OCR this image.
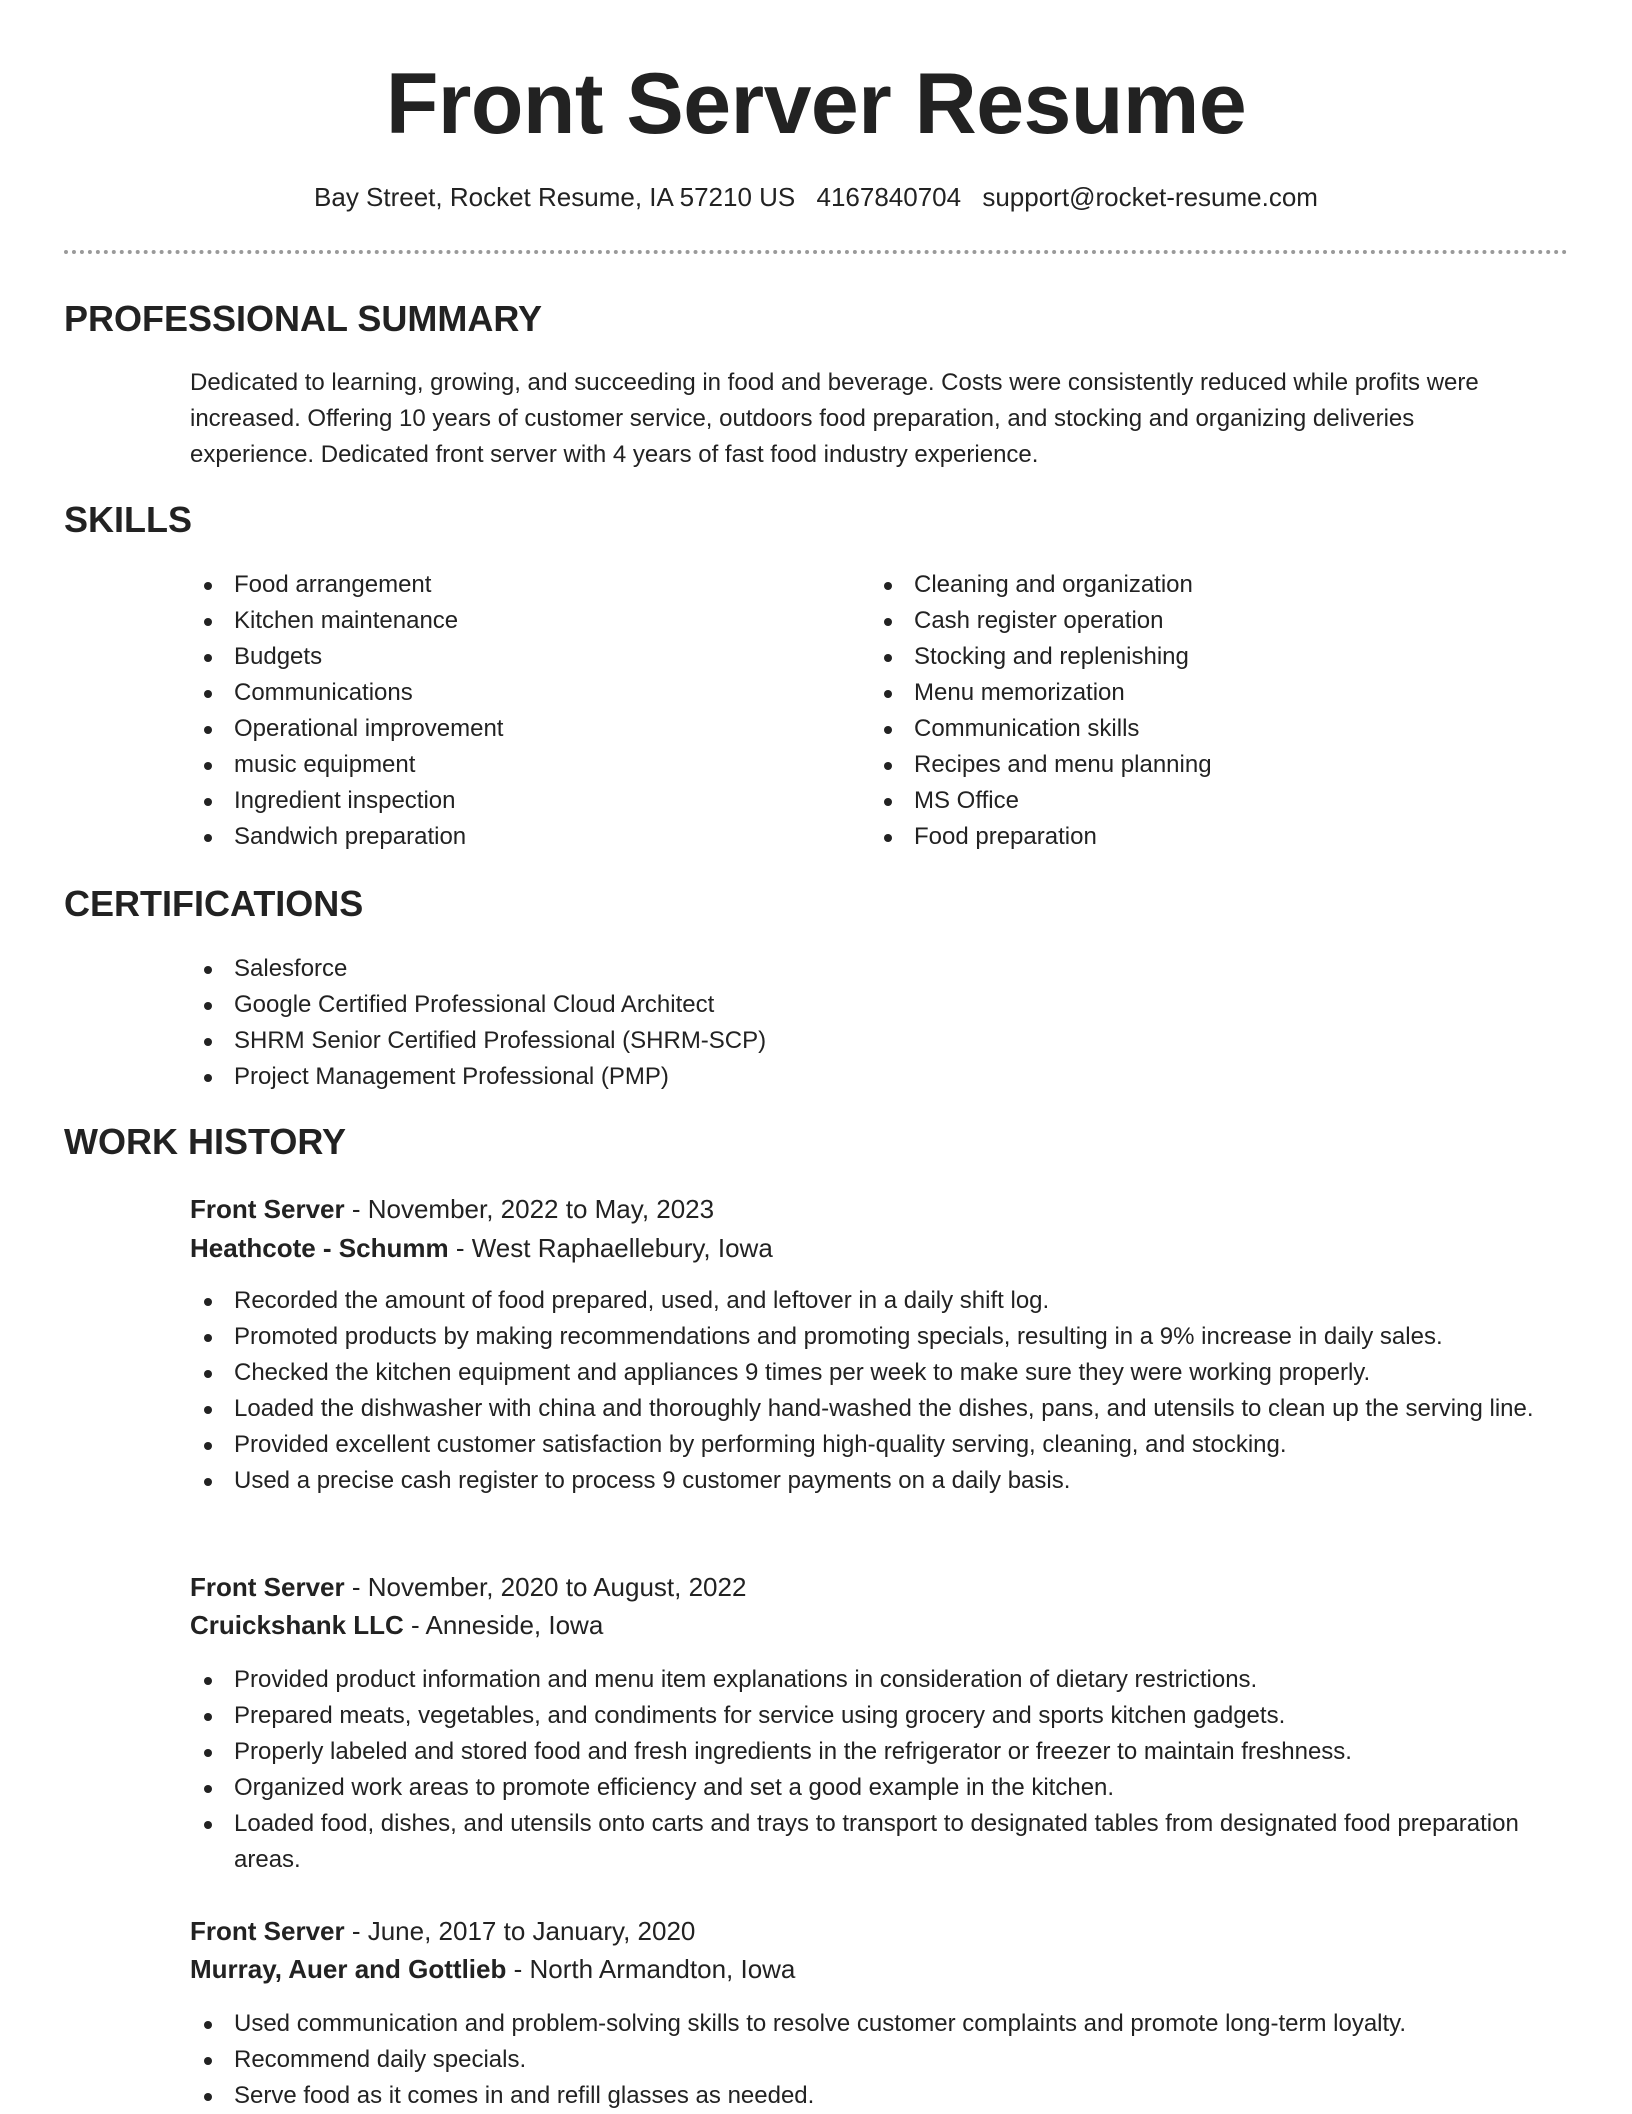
Front Server Resume
Bay Street, Rocket Resume, IA 57210 US 4167840704 support@rocket-resume.com
PROFESSIONAL SUMMARY

Dedicated to learning, growing, and succeeding in food and beverage. Costs were consistently reduced while profits were increased. Offering 10 years of customer service, outdoors food preparation, and stocking and organizing deliveries experience. Dedicated front server with 4 years of fast food industry experience.

SKILLS
Food arrangement
Kitchen maintenance
Budgets
Communications
Operational improvement
music equipment
Ingredient inspection
Sandwich preparation
Cleaning and organization
Cash register operation
Stocking and replenishing
Menu memorization
Communication skills
Recipes and menu planning
MS Office
Food preparation
CERTIFICATIONS
Salesforce
Google Certified Professional Cloud Architect
SHRM Senior Certified Professional (SHRM-SCP)
Project Management Professional (PMP)
WORK HISTORY
Front Server - November, 2022 to May, 2023
Heathcote - Schumm - West Raphaellebury, Iowa
Recorded the amount of food prepared, used, and leftover in a daily shift log.
Promoted products by making recommendations and promoting specials, resulting in a 9% increase in daily sales.
Checked the kitchen equipment and appliances 9 times per week to make sure they were working properly.
Loaded the dishwasher with china and thoroughly hand-washed the dishes, pans, and utensils to clean up the serving line.
Provided excellent customer satisfaction by performing high-quality serving, cleaning, and stocking.
Used a precise cash register to process 9 customer payments on a daily basis.
Front Server - November, 2020 to August, 2022
Cruickshank LLC - Anneside, Iowa
Provided product information and menu item explanations in consideration of dietary restrictions.
Prepared meats, vegetables, and condiments for service using grocery and sports kitchen gadgets.
Properly labeled and stored food and fresh ingredients in the refrigerator or freezer to maintain freshness.
Organized work areas to promote efficiency and set a good example in the kitchen.
Loaded food, dishes, and utensils onto carts and trays to transport to designated tables from designated food preparation areas.
Front Server - June, 2017 to January, 2020
Murray, Auer and Gottlieb - North Armandton, Iowa
Used communication and problem-solving skills to resolve customer complaints and promote long-term loyalty.
Recommend daily specials.
Serve food as it comes in and refill glasses as needed.
